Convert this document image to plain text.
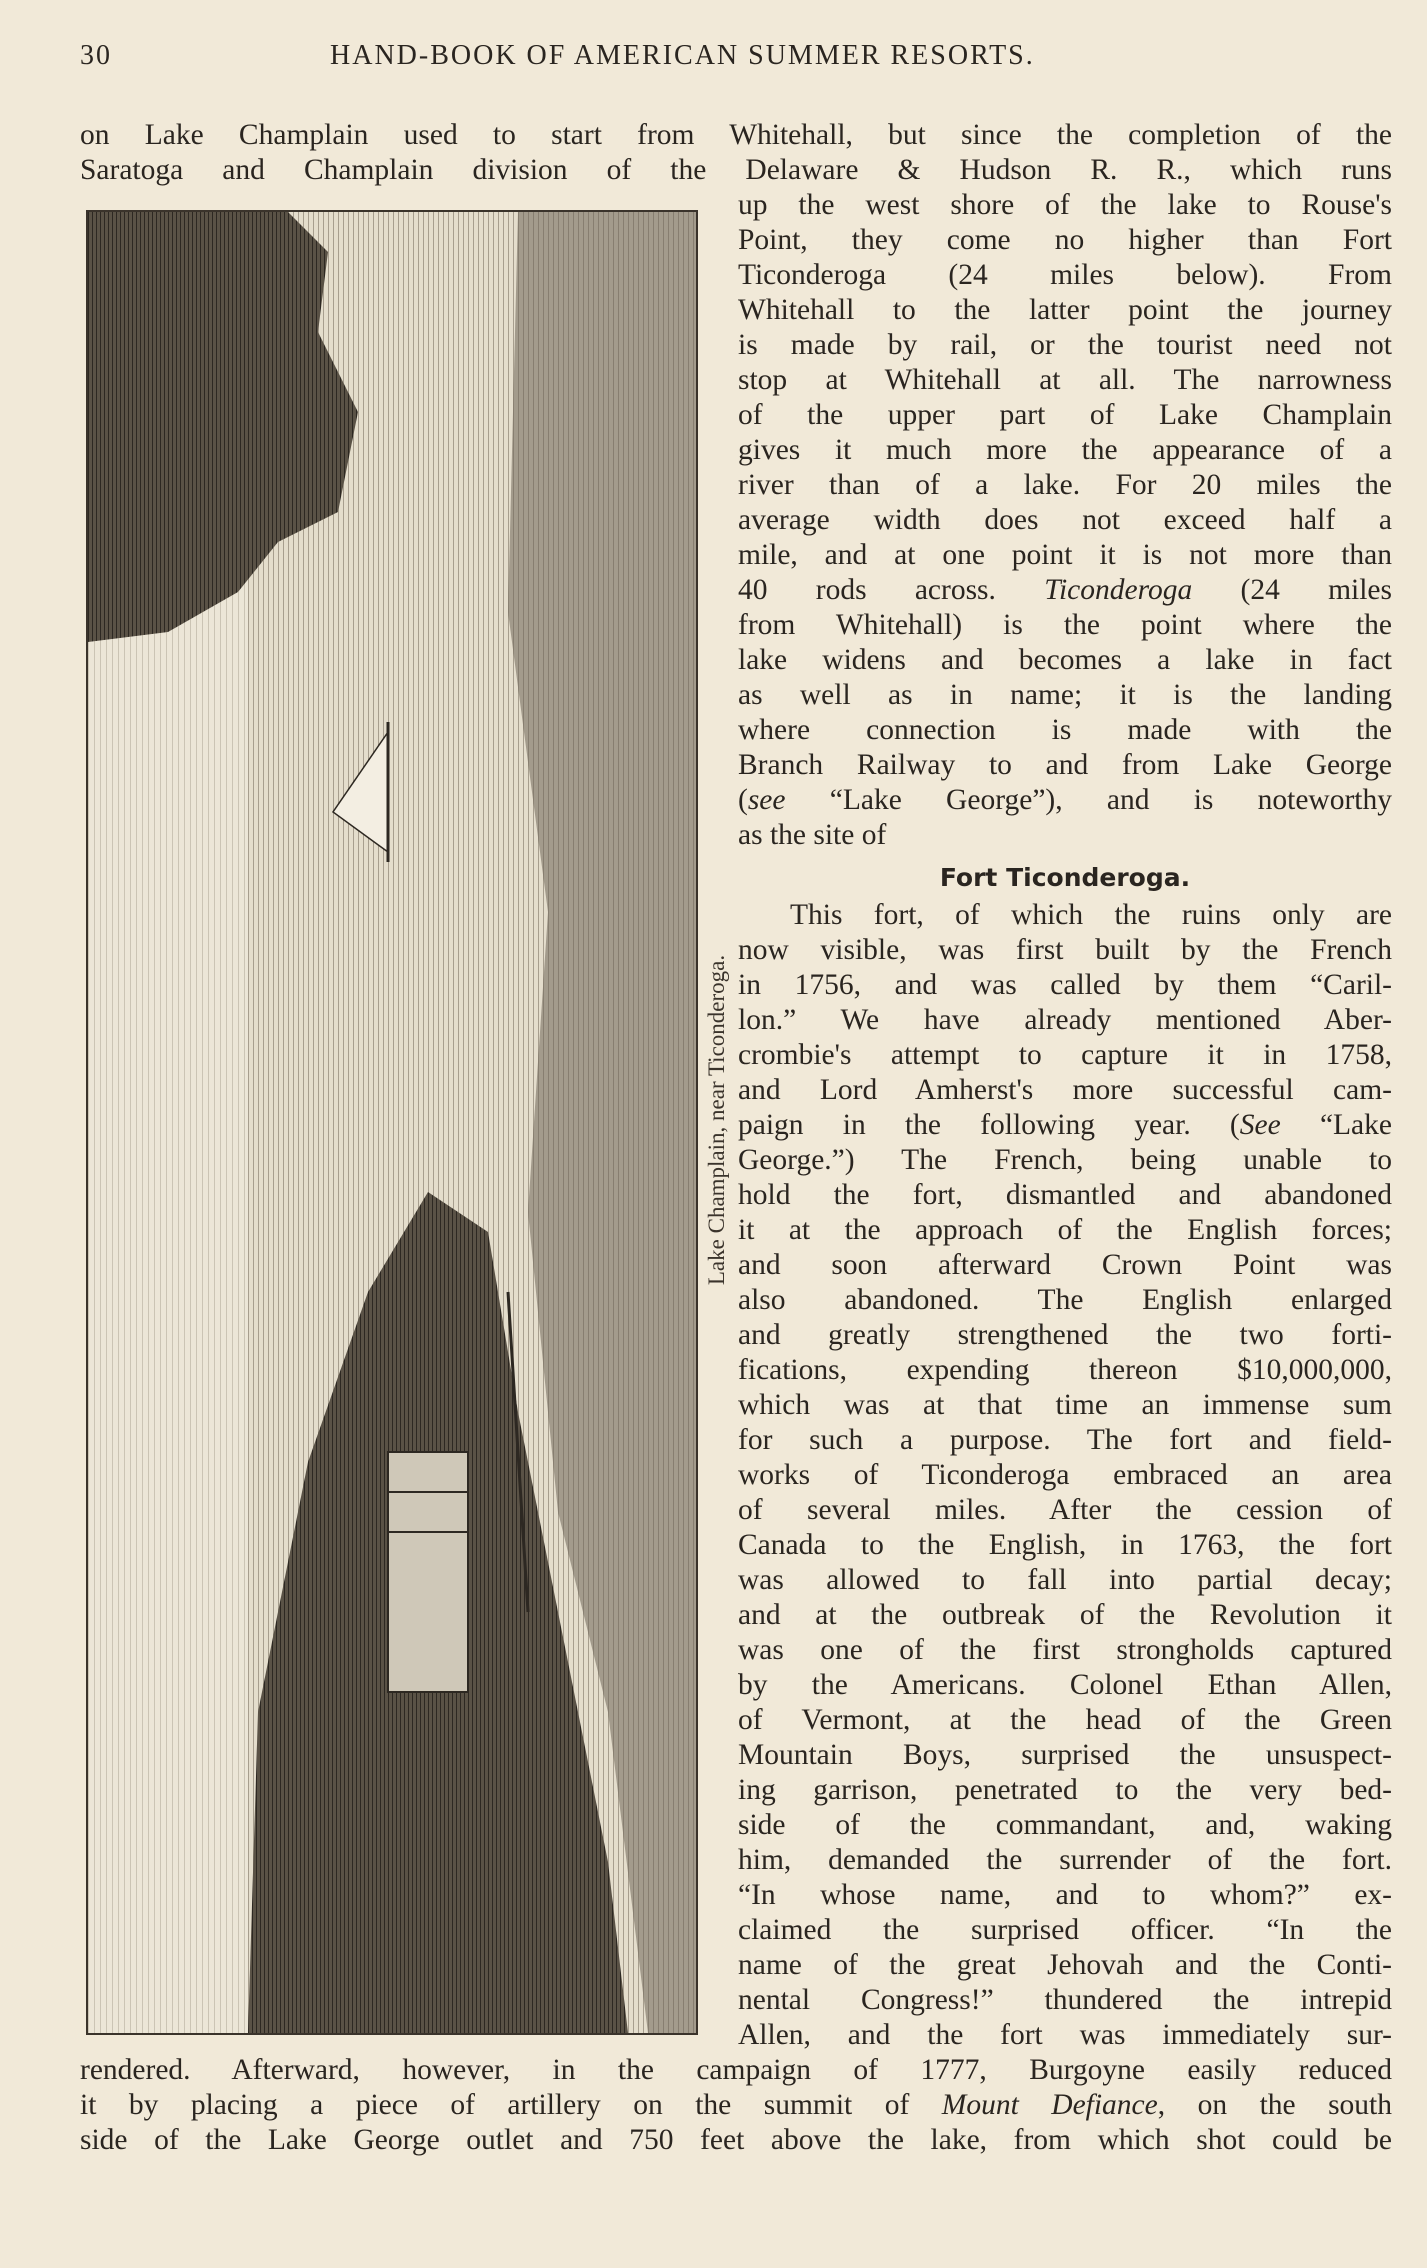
30	HAND-BOOK OF AMERICAN SUMMER RESORTS.
on Lake Champlain used to start from Whitehall, but since the completion of the
Saratoga and Champlain division of the Delaware & Hudson R. R., which runs
Lake Champlain, near Ticonderoga.
up the west shore of the lake to Rouse's
Point, they come no higher than Fort
Ticonderoga (24 miles below). From
Whitehall to the latter point the journey
is made by rail, or the tourist need not
stop at Whitehall at all. The narrowness
of the upper part of Lake Champlain
gives it much more the appearance of a
river than of a lake. For 20 miles the
average width does not exceed half a
mile, and at one point it is not more than
40 rods across. Ticonderoga (24 miles
from Whitehall) is the point where the
lake widens and becomes a lake in fact
as well as in name; it is the landing
where connection is made with the
Branch Railway to and from Lake George
(see “Lake George”), and is noteworthy
as the site of
Fort Ticonderoga.
This fort, of which the ruins only are
now visible, was first built by the French
in 1756, and was called by them “Caril-
lon.” We have already mentioned Aber-
crombie's attempt to capture it in 1758,
and Lord Amherst's more successful cam-
paign in the following year. (See “Lake
George.”) The French, being unable to
hold the fort, dismantled and abandoned
it at the approach of the English forces;
and soon afterward Crown Point was
also abandoned. The English enlarged
and greatly strengthened the two forti-
fications, expending thereon $10,000,000,
which was at that time an immense sum
for such a purpose. The fort and field-
works of Ticonderoga embraced an area
of several miles. After the cession of
Canada to the English, in 1763, the fort
was allowed to fall into partial decay;
and at the outbreak of the Revolution it
was one of the first strongholds captured
by the Americans. Colonel Ethan Allen,
of Vermont, at the head of the Green
Mountain Boys, surprised the unsuspect-
ing garrison, penetrated to the very bed-
side of the commandant, and, waking
him, demanded the surrender of the fort.
“In whose name, and to whom?” ex-
claimed the surprised officer. “In the
name of the great Jehovah and the Conti-
nental Congress!” thundered the intrepid
Allen, and the fort was immediately sur-
rendered. Afterward, however, in the campaign of 1777, Burgoyne easily reduced
it by placing a piece of artillery on the summit of Mount Defiance, on the south
side of the Lake George outlet and 750 feet above the lake, from which shot could be
